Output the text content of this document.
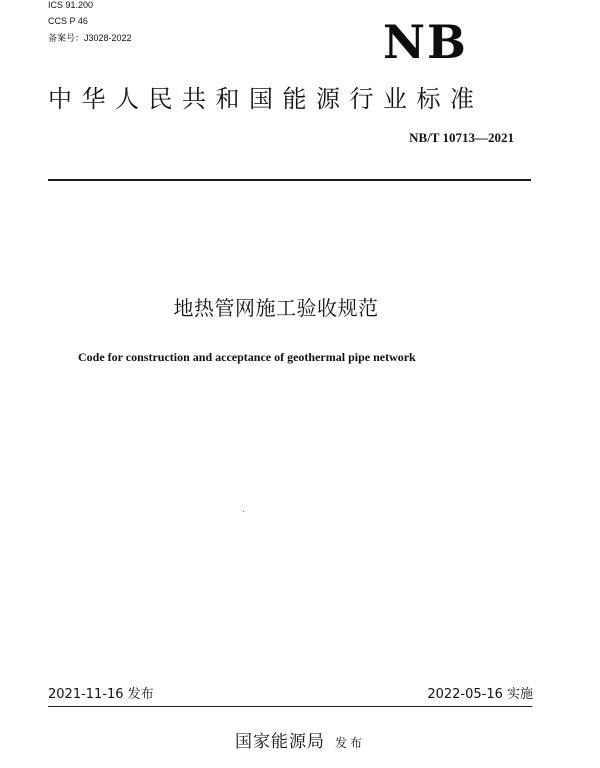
ICS 91.200
CCS P 46
备案号：J3028-2022	NB
中华人民共和国能源行业标准
NB/T 10713—2021
地热管网施工验收规范
Code for construction and acceptance of geothermal pipe network
2021-11-16 发布	2022-05-16 实施
国家能源局 发布
